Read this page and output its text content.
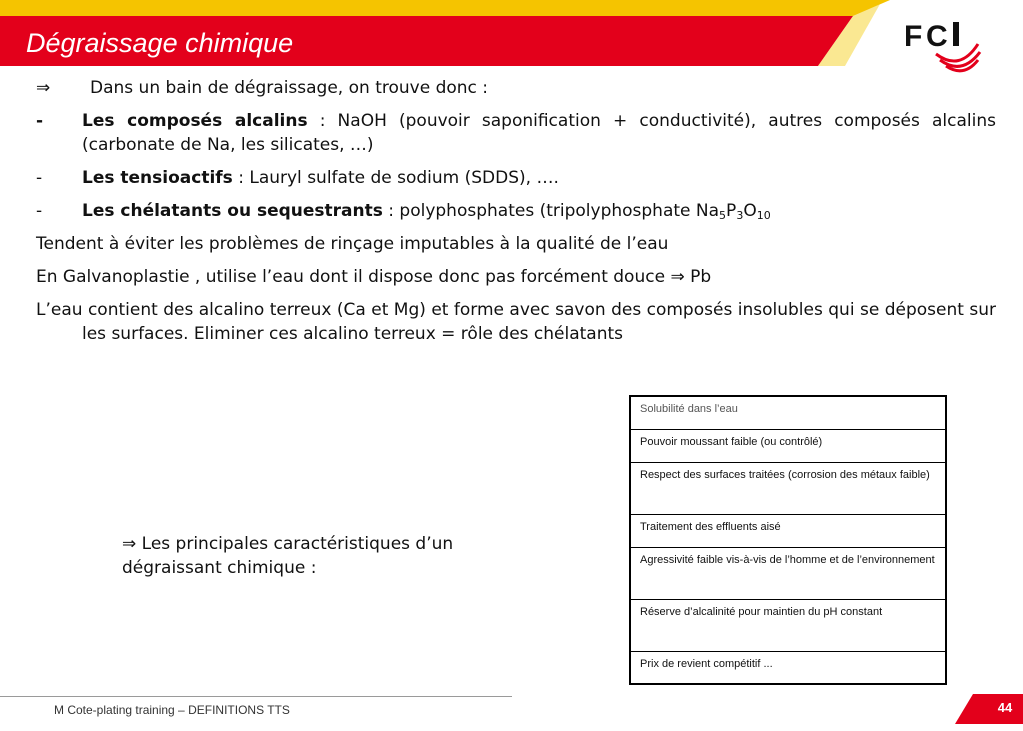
Dégraissage chimique	F C

⇒ Dans un bain de dégraissage, on trouve donc :

- Les composés alcalins : NaOH (pouvoir saponification + conductivité), autres composés alcalins (carbonate de Na, les silicates, …)

- Les tensioactifs : Lauryl sulfate de sodium (SDDS), ….

- Les chélatants ou sequestrants : polyphosphates (tripolyphosphate $Na_5P_3O_{10}$

Tendent à éviter les problèmes de rinçage imputables à la qualité de l’eau

En Galvanoplastie , utilise l’eau dont il dispose donc pas forcément douce ⇒ Pb

L’eau contient des alcalino terreux (Ca et Mg) et forme avec savon des composés insolubles qui se déposent sur les surfaces. Eliminer ces alcalino terreux = rôle des chélatants

⇒ Les principales caractéristiques d’un dégraissant chimique :
Solubilité dans l’eau
Pouvoir moussant faible (ou contrôlé)
Respect des surfaces traitées (corrosion des métaux faible)
Traitement des effluents aisé
Agressivité faible vis-à-vis de l’homme et de l’environnement
Réserve d’alcalinité pour maintien du pH constant
Prix de revient compétitif ...
M Cote-plating training – DEFINITIONS TTS	44
